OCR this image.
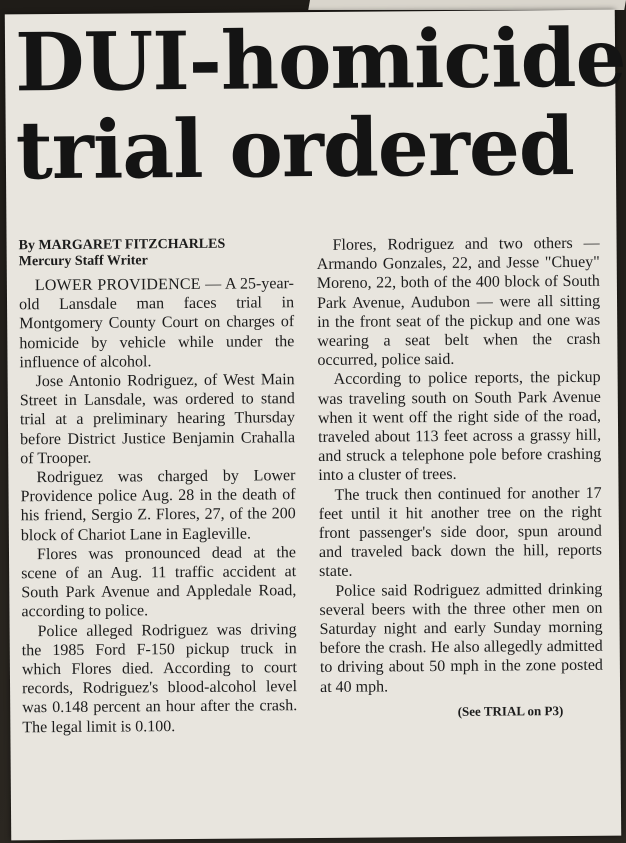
DUI-homicide
trial ordered
By MARGARET FITZCHARLES
Mercury Staff Writer

LOWER PROVIDENCE — A 25-year-old Lansdale man faces trial in Montgomery County Court on charges of homicide by vehicle while under the influence of alcohol.

Jose Antonio Rodriguez, of West Main Street in Lansdale, was ordered to stand trial at a preliminary hearing Thursday before District Justice Benjamin Crahalla of Trooper.

Rodriguez was charged by Lower Providence police Aug. 28 in the death of his friend, Sergio Z. Flores, 27, of the 200 block of Chariot Lane in Eagleville.

Flores was pronounced dead at the scene of an Aug. 11 traffic accident at South Park Avenue and Appledale Road, according to police.

Police alleged Rodriguez was driving the 1985 Ford F-150 pickup truck in which Flores died. According to court records, Rodriguez's blood-alcohol level was 0.148 percent an hour after the crash. The legal limit is 0.100.

Flores, Rodriguez and two others — Armando Gonzales, 22, and Jesse "Chuey" Moreno, 22, both of the 400 block of South Park Avenue, Audubon — were all sitting in the front seat of the pickup and one was wearing a seat belt when the crash occurred, police said.

According to police reports, the pickup was traveling south on South Park Avenue when it went off the right side of the road, traveled about 113 feet across a grassy hill, and struck a telephone pole before crashing into a cluster of trees.

The truck then continued for another 17 feet until it hit another tree on the right front passenger's side door, spun around and traveled back down the hill, reports state.

Police said Rodriguez admitted drinking several beers with the three other men on Saturday night and early Sunday morning before the crash. He also allegedly admitted to driving about 50 mph in the zone posted at 40 mph.

(See TRIAL on P3)
